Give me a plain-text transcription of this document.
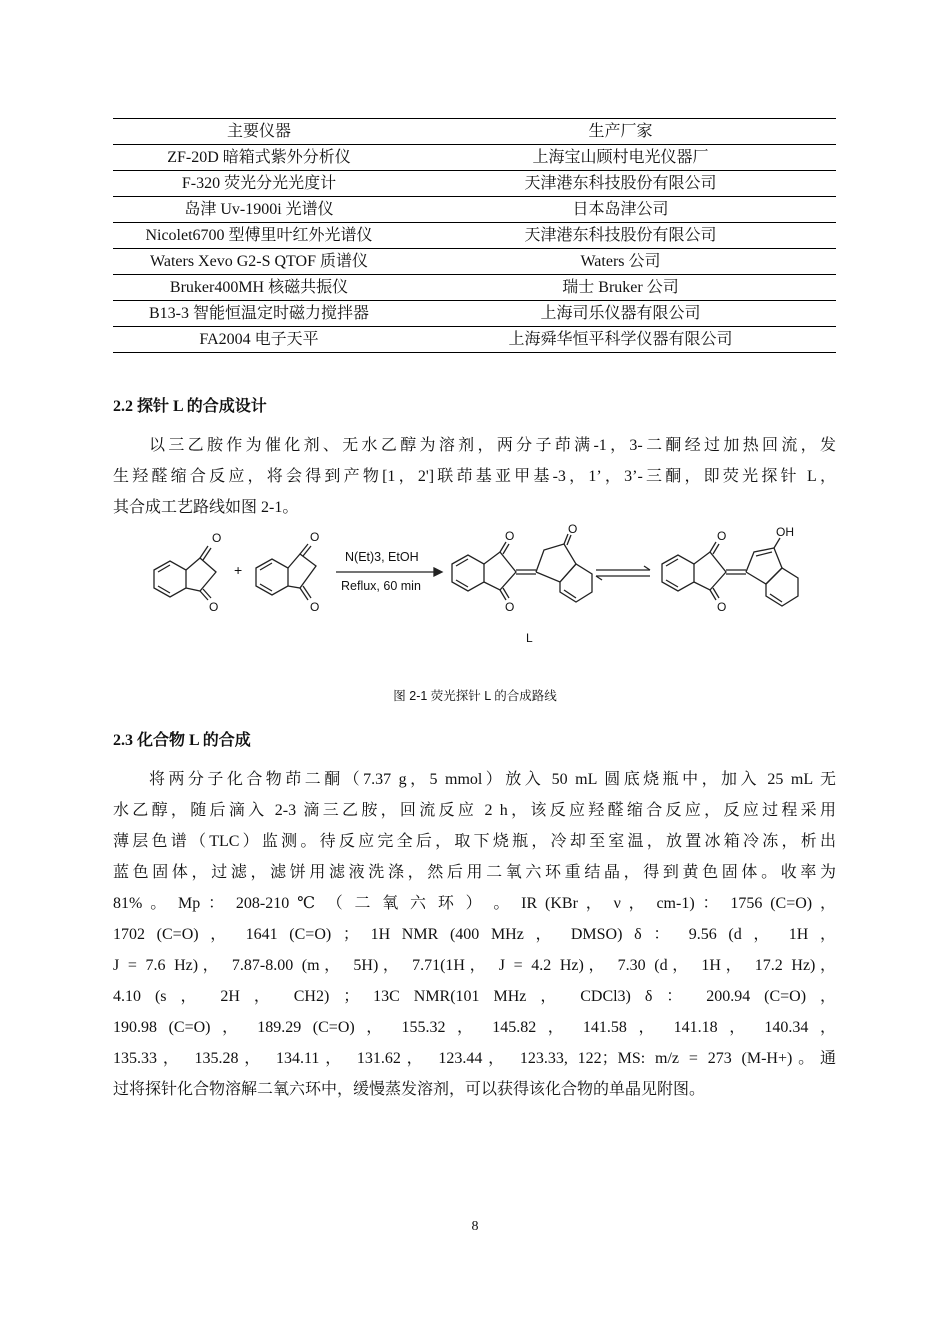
主要仪器	生产厂家
ZF-20D 暗箱式紫外分析仪	上海宝山顾村电光仪器厂
F-320 荧光分光光度计	天津港东科技股份有限公司
岛津 Uv-1900i 光谱仪	日本岛津公司
Nicolet6700 型傅里叶红外光谱仪	天津港东科技股份有限公司
Waters Xevo G2-S QTOF 质谱仪	Waters 公司
Bruker400MH 核磁共振仪	瑞士 Bruker 公司
B13-3 智能恒温定时磁力搅拌器	上海司乐仪器有限公司
FA2004 电子天平	上海舜华恒平科学仪器有限公司
2.2 探针 L 的合成设计
以三乙胺作为催化剂、无水乙醇为溶剂，两分子茚满-1，3-二酮经过加热回流，发
生羟醛缩合反应，将会得到产物[1，2']联茚基亚甲基-3，1’，3’-三酮，即荧光探针 L，
其合成工艺路线如图 2-1。
O
O
+
O
O
N(Et)3, EtOH
Reflux, 60 min
O
O
O
L
O
O
OH
图 2-1 荧光探针 L 的合成路线
2.3 化合物 L 的合成
将两分子化合物茚二酮（7.37 g，5 mmol）放入 50 mL 圆底烧瓶中，加入 25 mL 无
水乙醇，随后滴入 2-3 滴三乙胺，回流反应 2 h，该反应羟醛缩合反应，反应过程采用
薄层色谱（TLC）监测。待反应完全后，取下烧瓶，冷却至室温，放置冰箱冷冻，析出
蓝色固体，过滤，滤饼用滤液洗涤，然后用二氧六环重结晶，得到黄色固体。收率为
81% 。 Mp ： 208-210 ℃ （ 二 氧 六 环 ） 。 IR (KBr ， ν ， cm-1) ： 1756 (C=O) ，
1702 (C=O) ， 1641 (C=O) ； 1H NMR (400 MHz ， DMSO) δ ： 9.56 (d ， 1H ，
J = 7.6 Hz)， 7.87-8.00 (m， 5H)， 7.71(1H， J = 4.2 Hz)， 7.30 (d， 1H， 17.2 Hz)，
4.10 (s ， 2H ， CH2) ； 13C NMR(101 MHz ， CDCl3) δ ： 200.94 (C=O) ，
190.98 (C=O) ， 189.29 (C=O) ， 155.32 ， 145.82 ， 141.58 ， 141.18 ， 140.34 ，
135.33， 135.28， 134.11， 131.62， 123.44， 123.33, 122；MS: m/z = 273 (M-H+)。通
过将探针化合物溶解二氧六环中，缓慢蒸发溶剂，可以获得该化合物的单晶见附图。
8
